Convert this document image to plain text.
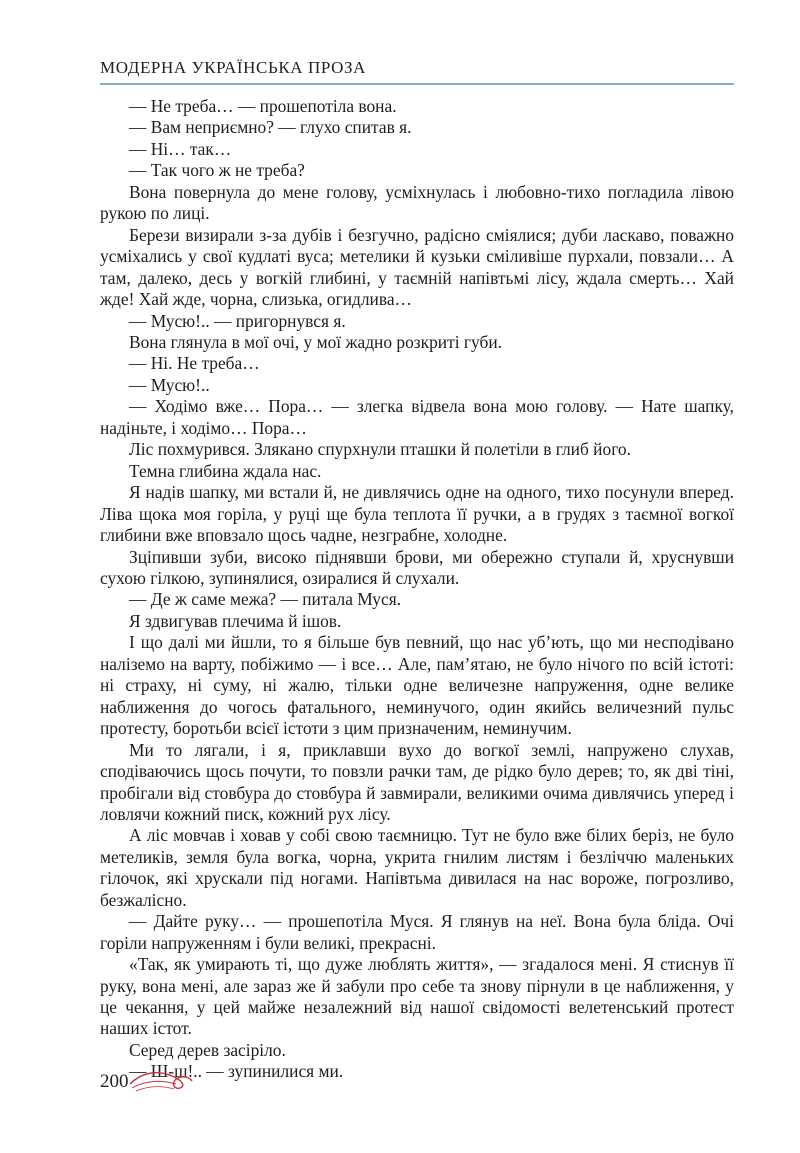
МОДЕРНА УКРАЇНСЬКА ПРОЗА

— Не треба… — прошепотіла вона.

— Вам неприємно? — глухо спитав я.

— Ні… так…

— Так чого ж не треба?

Вона повернула до мене голову, усміхнулась і любовно-тихо погладила лівою рукою по лиці.

Берези визирали з-за дубів і безгучно, радісно сміялися; дуби ласкаво, поважно усміхались у свої кудлаті вуса; метелики й кузьки сміливіше пурхали, повзали… А там, далеко, десь у вогкій глибині, у таємній напівтьмі лісу, ждала смерть… Хай жде! Хай жде, чорна, слизька, огидлива…

— Мусю!.. — пригорнувся я.

Вона глянула в мої очі, у мої жадно розкриті губи.

— Ні. Не треба…

— Мусю!..

— Ходімо вже… Пора… — злегка відвела вона мою голову. — Нате шапку, надіньте, і ходімо… Пора…

Ліс похмурився. Злякано спурхнули пташки й полетіли в глиб його.

Темна глибина ждала нас.

Я надів шапку, ми встали й, не дивлячись одне на одного, тихо посунули вперед. Ліва щока моя горіла, у руці ще була теплота її ручки, а в грудях з таємної вогкої глибини вже вповзало щось чадне, незграбне, холодне.

Зціпивши зуби, високо піднявши брови, ми обережно ступали й, хруснувши сухою гілкою, зупинялися, озиралися й слухали.

— Де ж саме межа? — питала Муся.

Я здвигував плечима й ішов.

І що далі ми йшли, то я більше був певний, що нас уб’ють, що ми несподівано наліземо на варту, побіжимо — і все… Але, пам’ятаю, не було нічого по всій істоті: ні страху, ні суму, ні жалю, тільки одне величезне напруження, одне велике наближення до чогось фатального, неминучого, один якийсь величезний пульс протесту, боротьби всієї істоти з цим призначеним, неминучим.

Ми то лягали, і я, приклавши вухо до вогкої землі, напружено слухав, сподіваючись щось почути, то повзли рачки там, де рідко було дерев; то, як дві тіні, пробігали від стовбура до стовбура й завмирали, великими очима дивлячись уперед і ловлячи кожний писк, кожний рух лісу.

А ліс мовчав і ховав у собі свою таємницю. Тут не було вже білих беріз, не було метеликів, земля була вогка, чорна, укрита гнилим листям і безліччю маленьких гілочок, які хрускали під ногами. Напівтьма дивилася на нас вороже, погрозливо, безжалісно.

— Дайте руку… — прошепотіла Муся. Я глянув на неї. Вона була бліда. Очі горіли напруженням і були великі, прекрасні.

«Так, як умирають ті, що дуже люблять життя», — згадалося мені. Я стиснув її руку, вона мені, але зараз же й забули про себе та знову пірнули в це наближення, у це чекання, у цей майже незалежний від нашої свідомості велетенський протест наших істот.

Серед дерев засіріло.

— Ш-ш!.. — зупинилися ми.

200
